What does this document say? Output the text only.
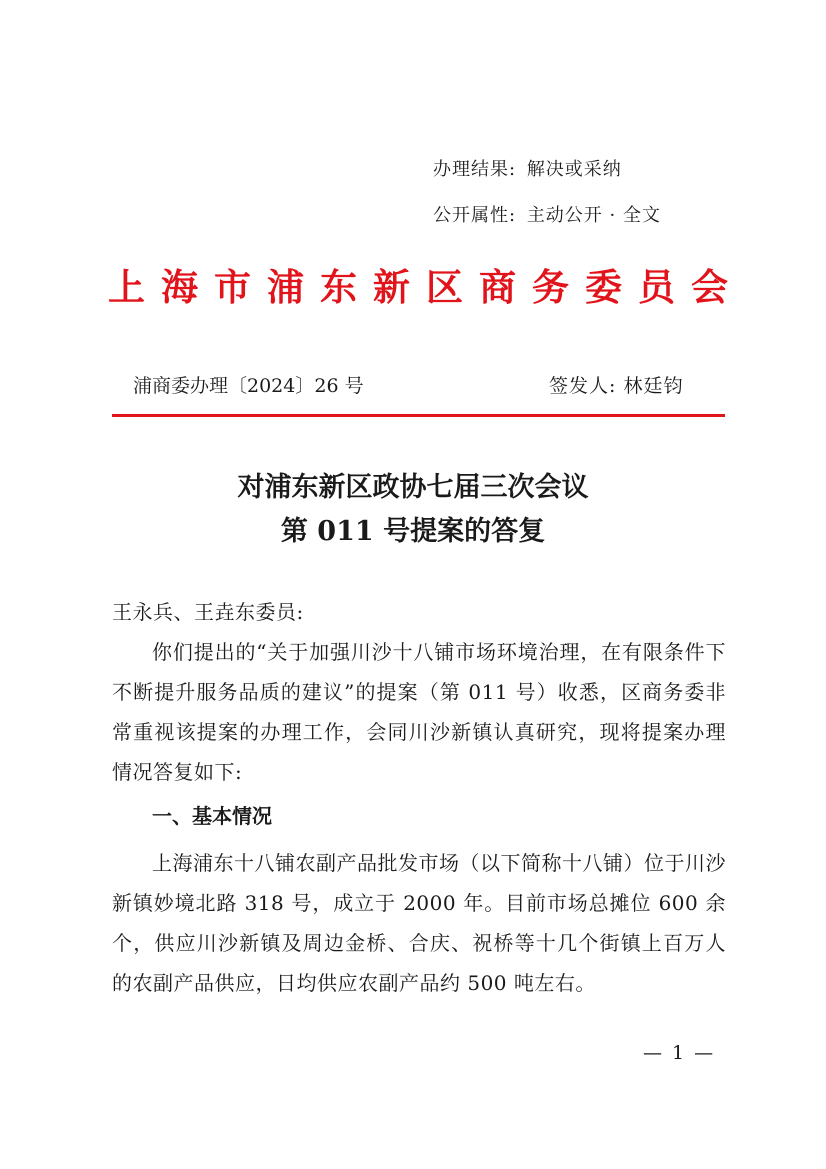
办理结果: 解决或采纳
公开属性: 主动公开 · 全文
上 海 市 浦 东 新 区 商 务 委 员 会
浦商委办理〔2024〕26 号	签发人: 林廷钧
对浦东新区政协七届三次会议
第 011 号提案的答复
王永兵、王垚东委员:
你们提出的“关于加强川沙十八铺市场环境治理，在有限条件下不断提升服务品质的建议”的提案（第 011 号）收悉，区商务委非常重视该提案的办理工作，会同川沙新镇认真研究，现将提案办理情况答复如下:
一、基本情况
上海浦东十八铺农副产品批发市场（以下简称十八铺）位于川沙新镇妙境北路 318 号，成立于 2000 年。目前市场总摊位 600 余个，供应川沙新镇及周边金桥、合庆、祝桥等十几个街镇上百万人的农副产品供应，日均供应农副产品约 500 吨左右。
— 1 —
